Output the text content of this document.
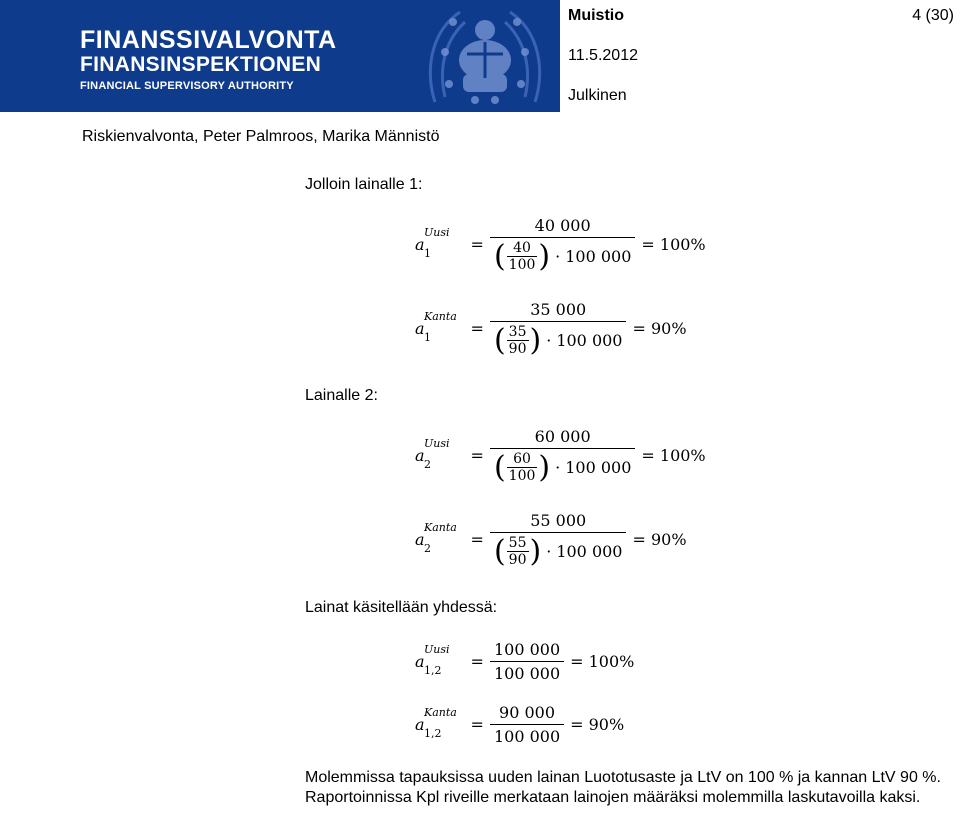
FINANSSIVALVONTA
FINANSINSPEKTIONEN
FINANCIAL SUPERVISORY AUTHORITY
Muistio	4 (30)
11.5.2012
Julkinen
Riskienvalvonta, Peter Palmroos, Marika Männistö
Jolloin lainalle 1:
a
Uusi
$1 = \frac{40 000}{( \frac{40}{100} ) \cdot 100 000} = 100\%$
a
Kanta
$1 = \frac{35 000}{( \frac{35}{90} ) \cdot 100 000} = 90\%$
Lainalle 2:
a
Uusi
$2 = \frac{60 000}{( \frac{60}{100} ) \cdot 100 000} = 100\%$
a
Kanta
$2 = \frac{55 000}{( \frac{55}{90} ) \cdot 100 000} = 90\%$
Lainat käsitellään yhdessä:
a
Uusi
$1,2 = \frac{100 000}{100 000} = 100\%$
a
Kanta
$1,2 = \frac{90 000}{100 000} = 90\%$
Molemmissa tapauksissa uuden lainan Luototusaste ja LtV on 100 % ja kannan LtV 90 %. Raportoinnissa Kpl riveille merkataan lainojen määräksi molemmilla laskutavoilla kaksi.
